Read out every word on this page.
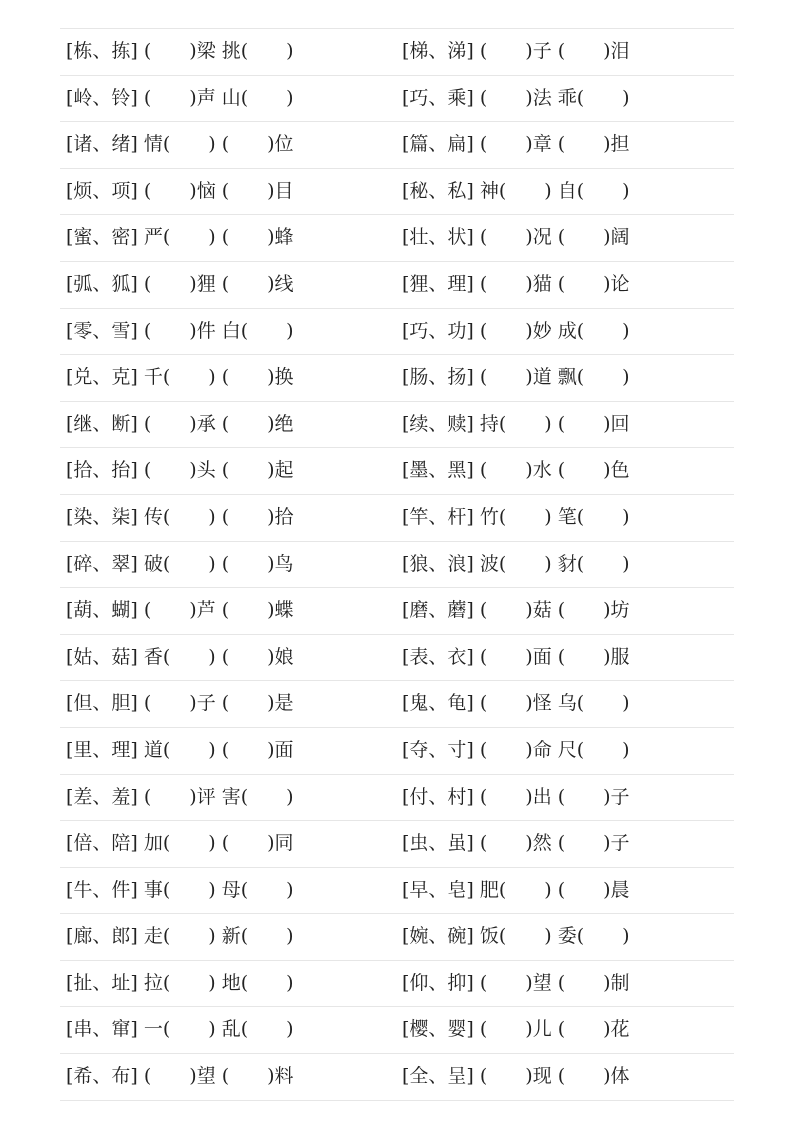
[栋、拣] (　　)梁 挑(　　)	[梯、涕] (　　)子 (　　)泪
[岭、铃] (　　)声 山(　　)	[巧、乘] (　　)法 乖(　　)
[诸、绪] 情(　　) (　　)位	[篇、扁] (　　)章 (　　)担
[烦、项] (　　)恼 (　　)目	[秘、私] 神(　　) 自(　　)
[蜜、密] 严(　　) (　　)蜂	[壮、状] (　　)况 (　　)阔
[弧、狐] (　　)狸 (　　)线	[狸、理] (　　)猫 (　　)论
[零、雪] (　　)件 白(　　)	[巧、功] (　　)妙 成(　　)
[兑、克] 千(　　) (　　)换	[肠、扬] (　　)道 飘(　　)
[继、断] (　　)承 (　　)绝	[续、赎] 持(　　) (　　)回
[拾、抬] (　　)头 (　　)起	[墨、黑] (　　)水 (　　)色
[染、柒] 传(　　) (　　)拾	[竿、杆] 竹(　　) 笔(　　)
[碎、翠] 破(　　) (　　)鸟	[狼、浪] 波(　　) 豺(　　)
[葫、蝴] (　　)芦 (　　)蝶	[磨、蘑] (　　)菇 (　　)坊
[姑、菇] 香(　　) (　　)娘	[表、衣] (　　)面 (　　)服
[但、胆] (　　)子 (　　)是	[鬼、龟] (　　)怪 乌(　　)
[里、理] 道(　　) (　　)面	[夺、寸] (　　)命 尺(　　)
[差、羞] (　　)评 害(　　)	[付、村] (　　)出 (　　)子
[倍、陪] 加(　　) (　　)同	[虫、虽] (　　)然 (　　)子
[牛、件] 事(　　) 母(　　)	[早、皂] 肥(　　) (　　)晨
[廊、郎] 走(　　) 新(　　)	[婉、碗] 饭(　　) 委(　　)
[扯、址] 拉(　　) 地(　　)	[仰、抑] (　　)望 (　　)制
[串、窜] 一(　　) 乱(　　)	[樱、婴] (　　)儿 (　　)花
[希、布] (　　)望 (　　)料	[全、呈] (　　)现 (　　)体
